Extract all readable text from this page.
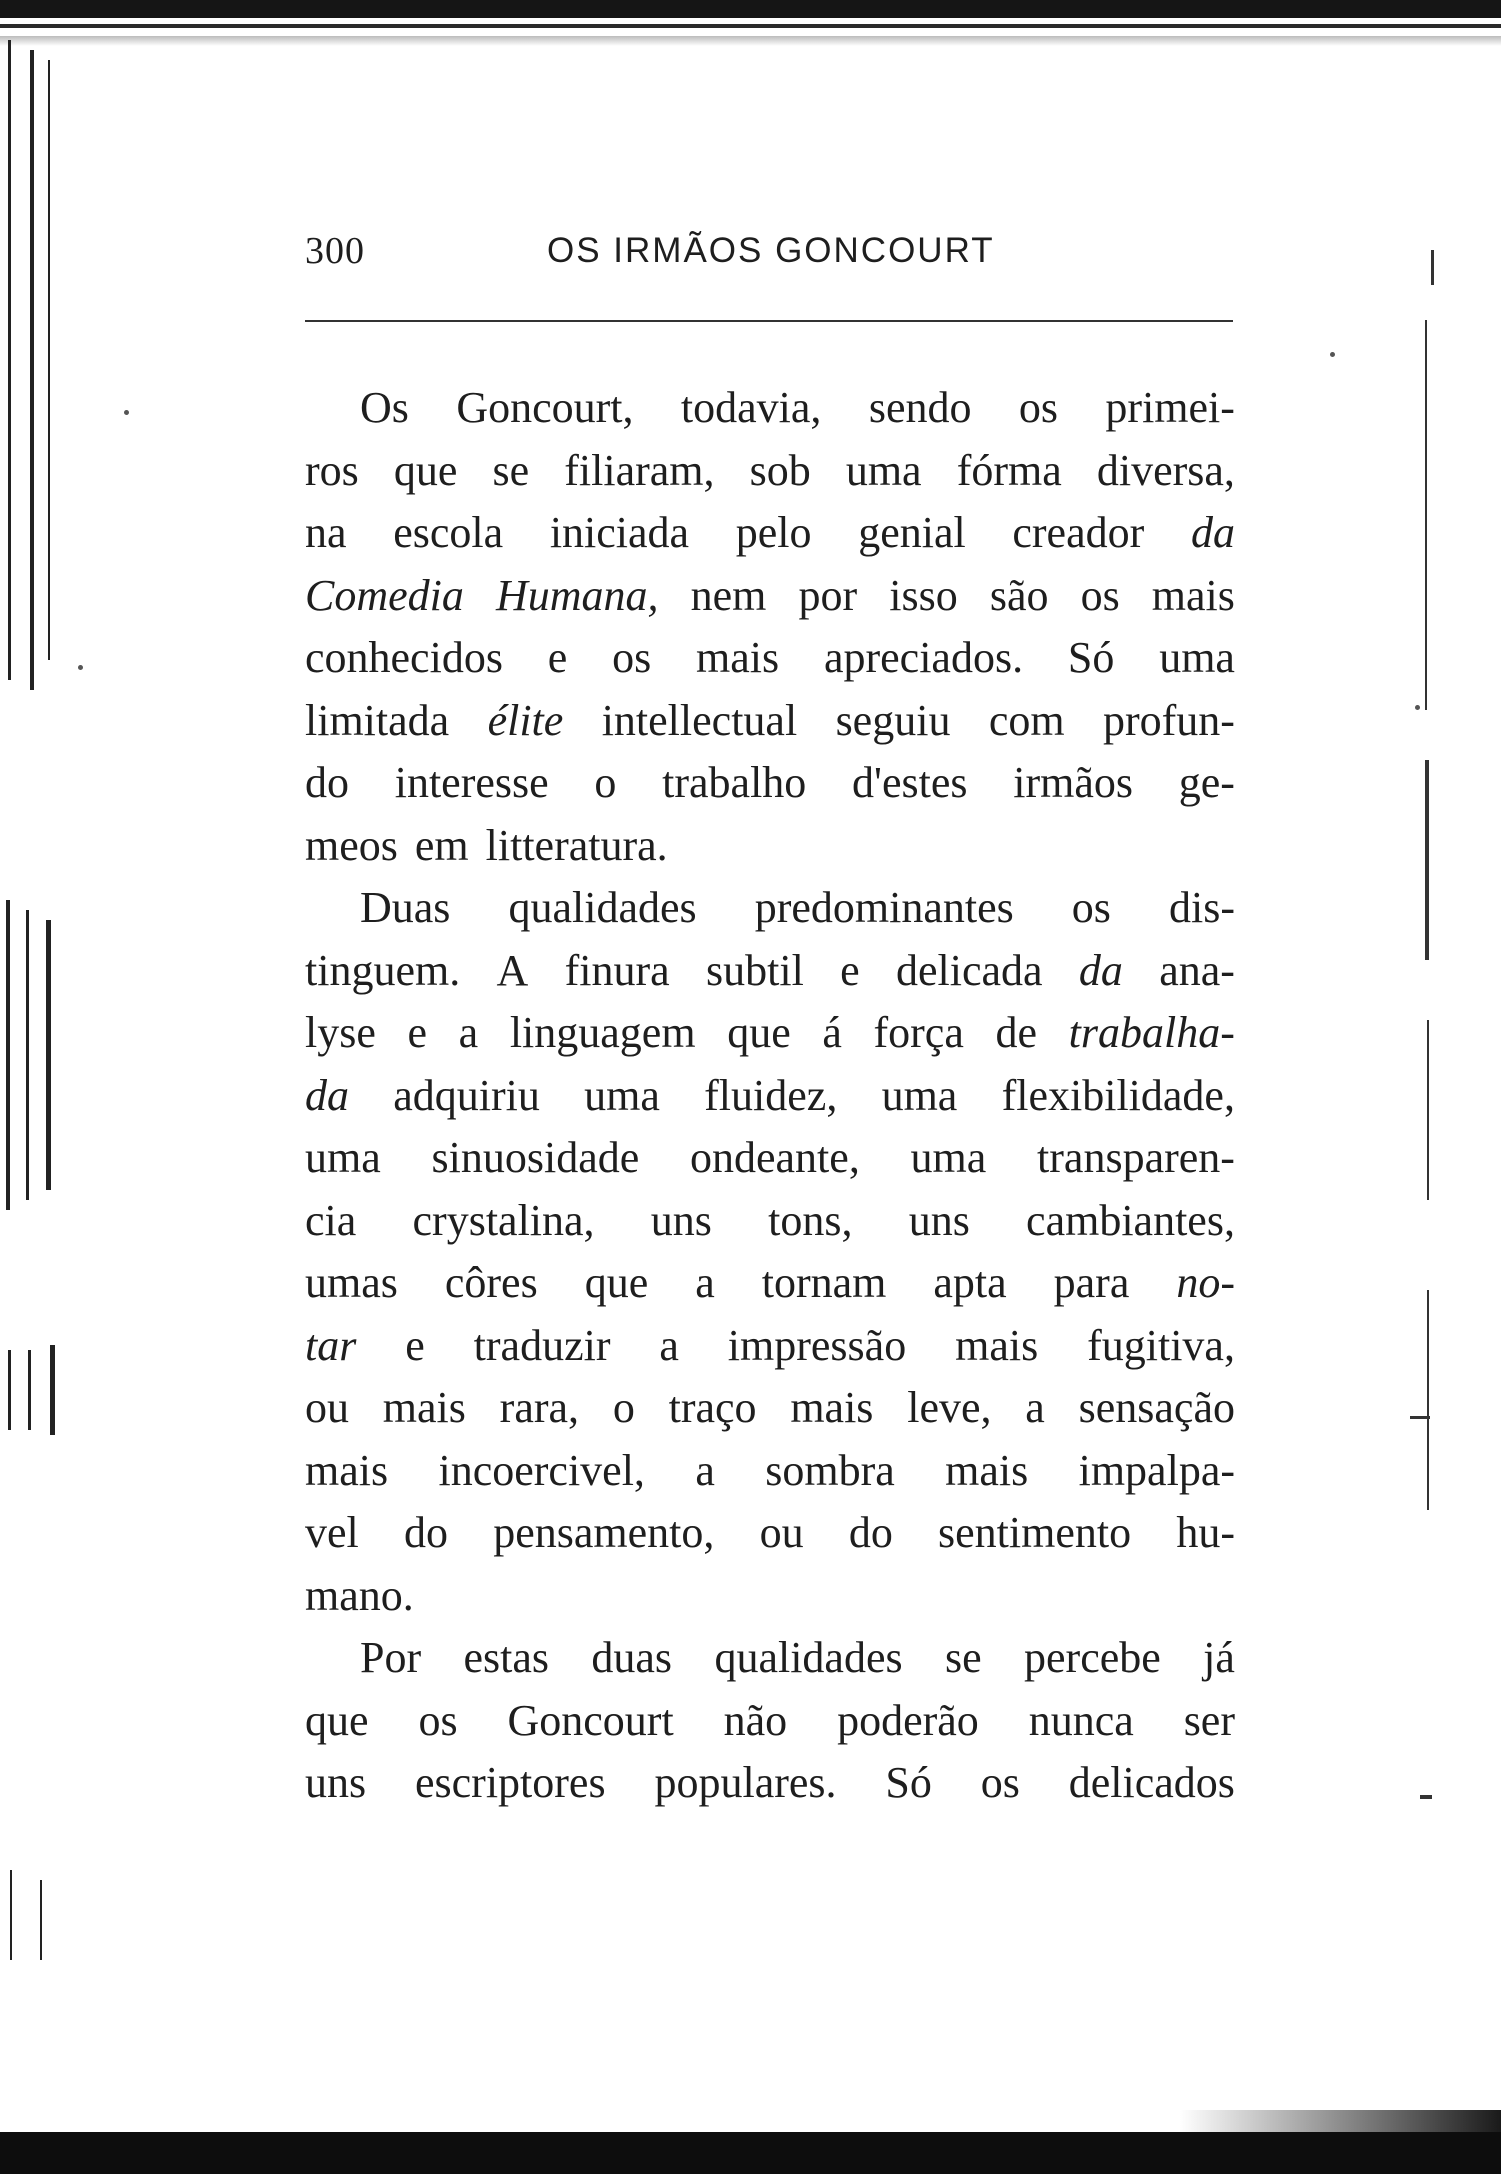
300	OS IRMÃOS GONCOURT
Os Goncourt, todavia, sendo os primei-
ros que se filiaram, sob uma fórma diversa,
na escola iniciada pelo genial creador da
Comedia Humana, nem por isso são os mais
conhecidos e os mais apreciados. Só uma
limitada élite intellectual seguiu com profun-
do interesse o trabalho d'estes irmãos ge-
meos em litteratura.
Duas qualidades predominantes os dis-
tinguem. A finura subtil e delicada da ana-
lyse e a linguagem que á força de trabalha-
da adquiriu uma fluidez, uma flexibilidade,
uma sinuosidade ondeante, uma transparen-
cia crystalina, uns tons, uns cambiantes,
umas côres que a tornam apta para no-
tar e traduzir a impressão mais fugitiva,
ou mais rara, o traço mais leve, a sensação
mais incoercivel, a sombra mais impalpa-
vel do pensamento, ou do sentimento hu-
mano.
Por estas duas qualidades se percebe já
que os Goncourt não poderão nunca ser
uns escriptores populares. Só os delicados
